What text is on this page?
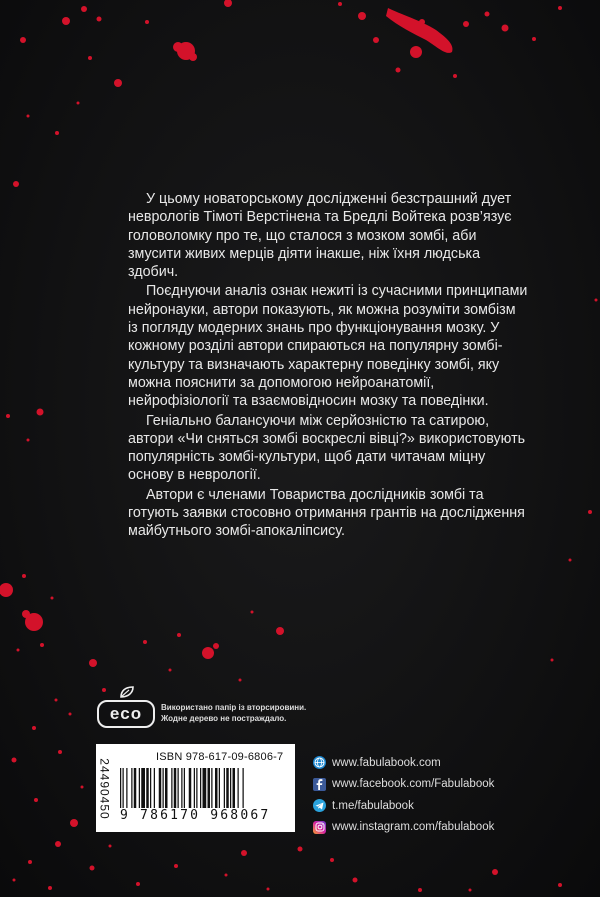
У цьому новаторському дослідженні безстрашний дует неврологів Тімоті Верстінена та Бредлі Войтека розв’язує головоломку про те, що сталося з мозком зомбі, аби змусити живих мерців діяти інакше, ніж їхня людська здобич.

Поєднуючи аналіз ознак нежиті із сучасними принципами нейронауки, автори показують, як можна розуміти зомбізм із погляду модерних знань про функціонування мозку. У кожному розділі автори спираються на популярну зомбі-культуру та визначають характерну поведінку зомбі, яку можна пояснити за допомогою нейроанатомії, нейрофізіології та взаємовідносин мозку та поведінки.

Геніально балансуючи між серйозністю та сатирою, автори «Чи сняться зомбі воскреслі вівці?» використовують популярність зомбі-культури, щоб дати читачам міцну основу в неврології.

Автори є членами Товариства дослідників зомбі та готують заявки стосовно отримання грантів на дослідження майбутнього зомбі-апокаліпсису.

eco	Використано папір із вторсировини.
Жодне дерево не постраждало.
24490450
ISBN 978-617-09-6806-7
9 786170 968067
www.fabulabook.com
www.facebook.com/Fabulabook
t.me/fabulabook
www.instagram.com/fabulabook
